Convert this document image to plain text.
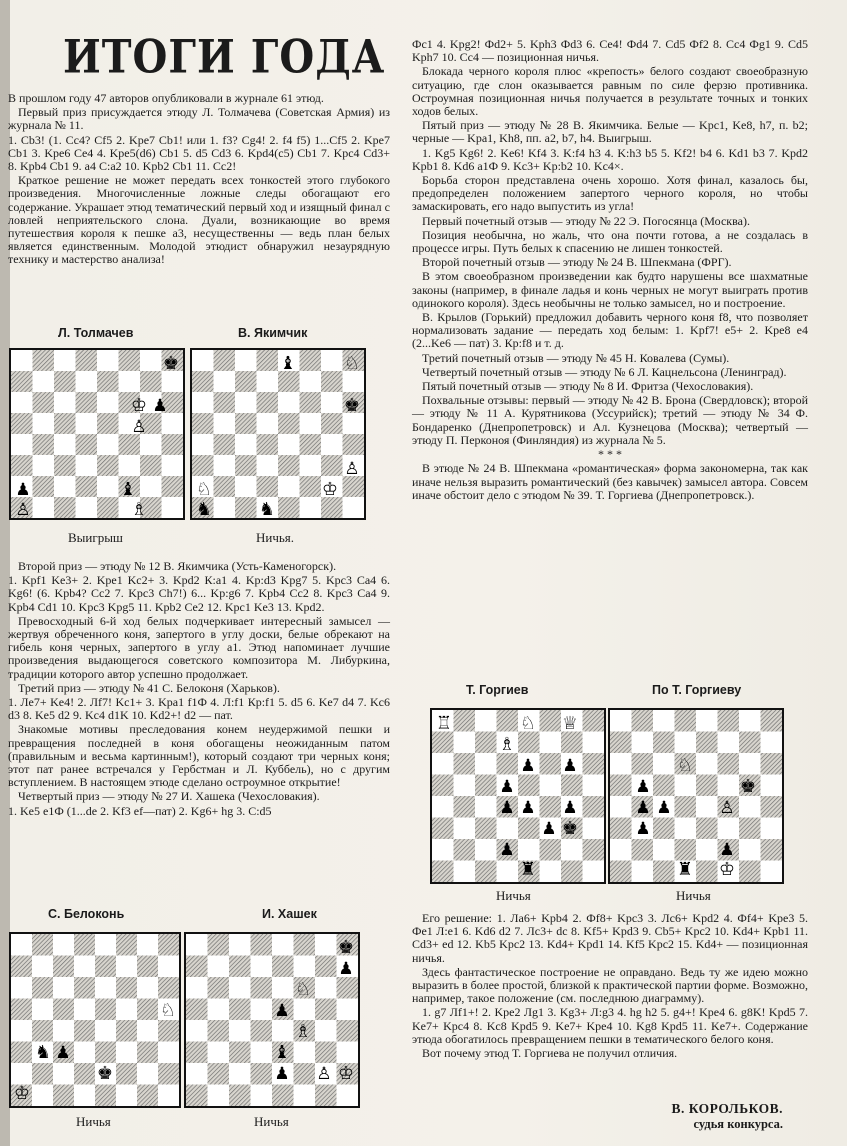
ИТОГИ ГОДА

В прошлом году 47 авторов опубликовали в журнале 61 этюд.

Первый приз присуждается этюду Л. Толмачева (Советская Армия) из журнала № 11.

1. Cb3! (1. Cc4? Cf5 2. Kpe7 Cb1! или 1. f3? Cg4! 2. f4 f5) 1...Cf5 2. Kpe7 Cb1 3. Kpe6 Ce4 4. Kpe5(d6) Cb1 5. d5 Cd3 6. Kpd4(c5) Cb1 7. Kpc4 Cd3+ 8. Kpb4 Cb1 9. a4 С:a2 10. Kpb2 Cb1 11. Cc2!

Краткое решение не может передать всех тонкостей этого глубокого произведения. Многочисленные ложные следы обогащают его содержание. Украшает этюд тематический первый ход и изящный финал с ловлей неприятельского слона. Дуали, возникающие во время путешествия короля к пешке a3, несущественны — ведь план белых является единственным. Молодой этюдист обнаружил незаурядную технику и мастерство анализа!

Л. Толмачев	В. Якимчик
♚
♔ ♟
♙
♟	♝
♙	♗
♝	♘
♚
♙
♔
♘
♞	♞
Выигрыш	Ничья.

Второй приз — этюду № 12 В. Якимчика (Усть-Каменогорск).

1. Kpf1 Ke3+ 2. Kpe1 Kc2+ 3. Kpd2 К:a1 4. Kp:d3 Kpg7 5. Kpc3 Ca4 6. Kg6! (6. Kpb4? Cc2 7. Kpc3 Ch7!) 6... Kp:g6 7. Kpb4 Cc2 8. Kpc3 Ca4 9. Kpb4 Cd1 10. Kpc3 Kpg5 11. Kpb2 Ce2 12. Kpc1 Ke3 13. Kpd2.

Превосходный 6-й ход белых подчеркивает интересный замысел — жертвуя обреченного коня, запертого в углу доски, белые обрекают на гибель коня черных, запертого в углу a1. Этюд напоминает лучшие произведения выдающегося советского композитора М. Либуркина, традиции которого автор успешно продолжает.

Третий приз — этюду № 41 С. Белоконя (Харьков).

1. Лe7+ Ke4! 2. Лf7! Kc1+ 3. Kpa1 f1Ф 4. Л:f1 Кр:f1 5. d5 6. Ke7 d4 7. Kc6 d3 8. Ke5 d2 9. Kc4 d1K 10. Kd2+! d2 — пат.

Знакомые мотивы преследования конем неудержимой пешки и превращения последней в коня обогащены неожиданным патом (правильным и весьма картинным!), который создают три черных коня; этот пат ранее встречался у Гербстман и Л. Куббель), но с другим вступлением. В настоящем этюде сделано остроумное открытие!

Четвертый приз — этюду № 27 И. Хашека (Чехословакия).

1. Ke5 e1Ф (1...de 2. Kf3 ef—пат) 2. Kg6+ hg 3. C:d5

С. Белоконь	И. Хашек
♘
♞ ♟
♚
♔
♚
♟
♘
♟
♗
♝
♟	♔
♙
Ничья	Ничья

Фc1 4. Kpg2! Фd2+ 5. Kph3 Фd3 6. Ce4! Фd4 7. Cd5 Фf2 8. Cc4 Фg1 9. Cd5 Kph7 10. Cc4 — позиционная ничья.

Блокада черного короля плюс «крепость» белого создают своеобразную ситуацию, где слон оказывается равным по силе ферзю противника. Остроумная позиционная ничья получается в результате точных и тонких ходов белых.

Пятый приз — этюду № 28 В. Якимчика. Белые — Kpc1, Ke8, h7, п. b2; черные — Kpa1, Kh8, пп. a2, b7, h4. Выигрыш.

1. Kg5 Kg6! 2. Ke6! Kf4 3. K:f4 h3 4. K:h3 b5 5. Kf2! b4 6. Kd1 b3 7. Kpd2 Kpb1 8. Kd6 a1Ф 9. Kc3+ Kp:b2 10. Kc4×.

Борьба сторон представлена очень хорошо. Хотя финал, казалось бы, предопределен положением запертого черного короля, но чтобы замаскировать, его надо выпустить из угла!

Первый почетный отзыв — этюду № 22 Э. Погосянца (Москва).

Позиция необычна, но жаль, что она почти готова, а не создалась в процессе игры. Путь белых к спасению не лишен тонкостей.

Второй почетный отзыв — этюду № 24 В. Шпекмана (ФРГ).

В этом своеобразном произведении как будто нарушены все шахматные законы (например, в финале ладья и конь черных не могут выиграть против одинокого короля). Здесь необычны не только замысел, но и построение.

В. Крылов (Горький) предложил добавить черного коня f8, что позволяет нормализовать задание — передать ход белым: 1. Kpf7! e5+ 2. Kpe8 e4 (2...Ke6 — пат) 3. Кр:f8 и т. д.

Третий почетный отзыв — этюду № 45 Н. Ковалева (Сумы).

Четвертый почетный отзыв — этюду № 6 Л. Кацнельсона (Ленинград).

Пятый почетный отзыв — этюду № 8 И. Фритза (Чехословакия).

Похвальные отзывы: первый — этюду № 42 В. Брона (Свердловск); второй — этюду № 11 А. Курятникова (Уссурийск); третий — этюду № 34 Ф. Бондаренко (Днепропетровск) и Ал. Кузнецова (Москва); четвертый — этюду П. Перконоя (Финляндия) из журнала № 5.

* * *

В этюде № 24 В. Шпекмана «романтическая» форма закономерна, так как иначе нельзя выразить романтический (без кавычек) замысел автора. Совсем иначе обстоит дело с этюдом № 39. Т. Горгиева (Днепропетровск.).

Т. Горгиев	По Т. Горгиеву
♖	♘ ♕
♗
♟ ♟
♟
♟
♟	♟
♟ ♚
♟
♜
♘
♚
♟
♟ ♟	♙
♟
♟
♜ ♔
Ничья	Ничья

Его решение: 1. Ла6+ Kpb4 2. Фf8+ Kpc3 3. Лc6+ Kpd2 4. Фf4+ Kpe3 5. Фe1 Л:e1 6. Kd6 d2 7. Лc3+ dc 8. Kf5+ Kpd3 9. Cb5+ Kpc2 10. Kd4+ Kpb1 11. Cd3+ ed 12. Kb5 Kpc2 13. Kd4+ Kpd1 14. Kf5 Kpc2 15. Kd4+ — позиционная ничья.

Здесь фантастическое построение не оправдано. Ведь ту же идею можно выразить в более простой, близкой к практической партии форме. Возможно, например, такое положение (см. последнюю диаграмму).

1. g7 Лf1+! 2. Kpe2 Лg1 3. Kg3+ Л:g3 4. hg h2 5. g4+! Kpe4 6. g8K! Kpd5 7. Ke7+ Kpc4 8. Kc8 Kpd5 9. Ke7+ Kpe4 10. Kg8 Kpd5 11. Ke7+. Содержание этюда обогатилось превращением пешки в тематического белого коня.

Вот почему этюд Т. Горгиева не получил отличия.

В. КОРОЛЬКОВ.
судья конкурса.
